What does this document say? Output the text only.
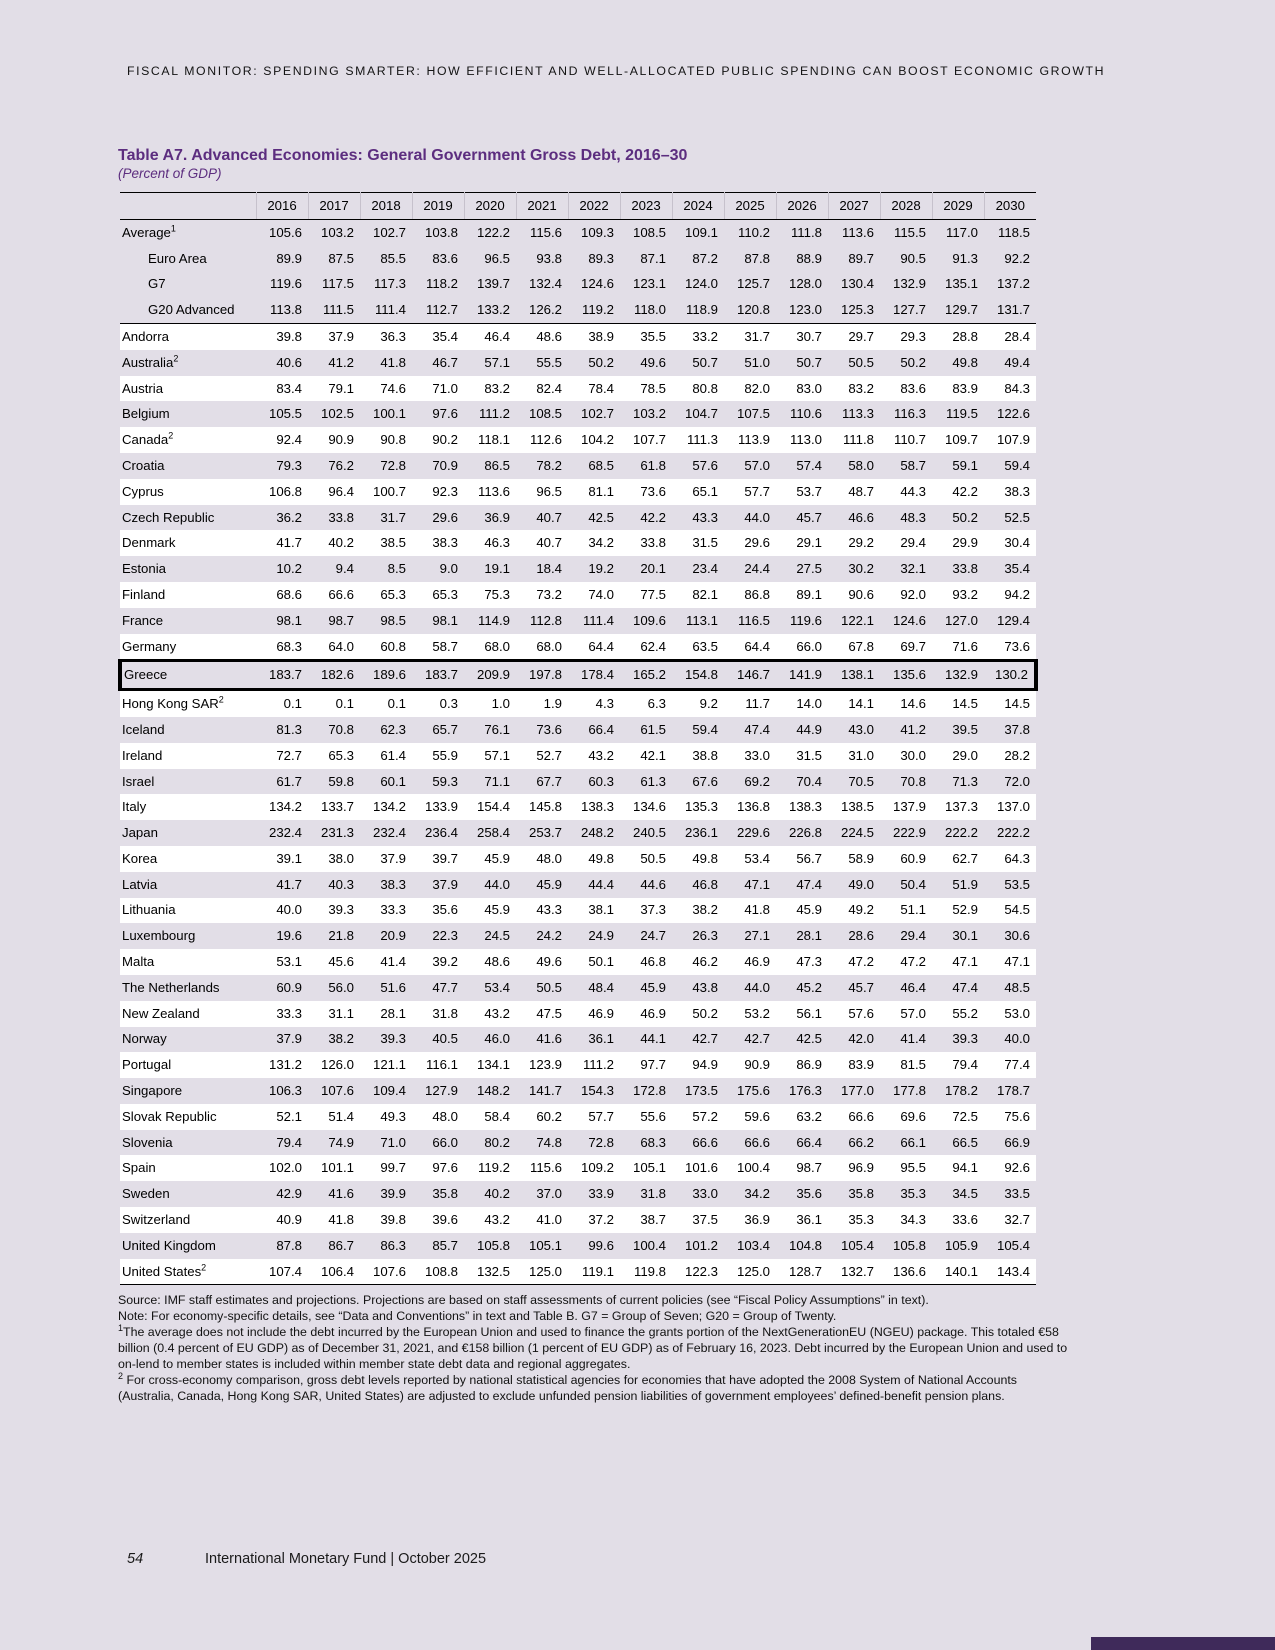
FISCAL MONITOR: SPENDING SMARTER: HOW EFFICIENT AND WELL-ALLOCATED PUBLIC SPENDING CAN BOOST ECONOMIC GROWTH
Table A7. Advanced Economies: General Government Gross Debt, 2016–30
(Percent of GDP)
	2016	2017	2018	2019	2020	2021	2022	2023	2024	2025	2026	2027	2028	2029	2030
Average$^1$	105.6	103.2	102.7	103.8	122.2	115.6	109.3	108.5	109.1	110.2	111.8	113.6	115.5	117.0	118.5
Euro Area	89.9	87.5	85.5	83.6	96.5	93.8	89.3	87.1	87.2	87.8	88.9	89.7	90.5	91.3	92.2
G7	119.6	117.5	117.3	118.2	139.7	132.4	124.6	123.1	124.0	125.7	128.0	130.4	132.9	135.1	137.2
G20 Advanced	113.8	111.5	111.4	112.7	133.2	126.2	119.2	118.0	118.9	120.8	123.0	125.3	127.7	129.7	131.7
Andorra	39.8	37.9	36.3	35.4	46.4	48.6	38.9	35.5	33.2	31.7	30.7	29.7	29.3	28.8	28.4
Australia$^2$	40.6	41.2	41.8	46.7	57.1	55.5	50.2	49.6	50.7	51.0	50.7	50.5	50.2	49.8	49.4
Austria	83.4	79.1	74.6	71.0	83.2	82.4	78.4	78.5	80.8	82.0	83.0	83.2	83.6	83.9	84.3
Belgium	105.5	102.5	100.1	97.6	111.2	108.5	102.7	103.2	104.7	107.5	110.6	113.3	116.3	119.5	122.6
Canada$^2$	92.4	90.9	90.8	90.2	118.1	112.6	104.2	107.7	111.3	113.9	113.0	111.8	110.7	109.7	107.9
Croatia	79.3	76.2	72.8	70.9	86.5	78.2	68.5	61.8	57.6	57.0	57.4	58.0	58.7	59.1	59.4
Cyprus	106.8	96.4	100.7	92.3	113.6	96.5	81.1	73.6	65.1	57.7	53.7	48.7	44.3	42.2	38.3
Czech Republic	36.2	33.8	31.7	29.6	36.9	40.7	42.5	42.2	43.3	44.0	45.7	46.6	48.3	50.2	52.5
Denmark	41.7	40.2	38.5	38.3	46.3	40.7	34.2	33.8	31.5	29.6	29.1	29.2	29.4	29.9	30.4
Estonia	10.2	9.4	8.5	9.0	19.1	18.4	19.2	20.1	23.4	24.4	27.5	30.2	32.1	33.8	35.4
Finland	68.6	66.6	65.3	65.3	75.3	73.2	74.0	77.5	82.1	86.8	89.1	90.6	92.0	93.2	94.2
France	98.1	98.7	98.5	98.1	114.9	112.8	111.4	109.6	113.1	116.5	119.6	122.1	124.6	127.0	129.4
Germany	68.3	64.0	60.8	58.7	68.0	68.0	64.4	62.4	63.5	64.4	66.0	67.8	69.7	71.6	73.6
Greece	183.7	182.6	189.6	183.7	209.9	197.8	178.4	165.2	154.8	146.7	141.9	138.1	135.6	132.9	130.2
Hong Kong SAR$^2$	0.1	0.1	0.1	0.3	1.0	1.9	4.3	6.3	9.2	11.7	14.0	14.1	14.6	14.5	14.5
Iceland	81.3	70.8	62.3	65.7	76.1	73.6	66.4	61.5	59.4	47.4	44.9	43.0	41.2	39.5	37.8
Ireland	72.7	65.3	61.4	55.9	57.1	52.7	43.2	42.1	38.8	33.0	31.5	31.0	30.0	29.0	28.2
Israel	61.7	59.8	60.1	59.3	71.1	67.7	60.3	61.3	67.6	69.2	70.4	70.5	70.8	71.3	72.0
Italy	134.2	133.7	134.2	133.9	154.4	145.8	138.3	134.6	135.3	136.8	138.3	138.5	137.9	137.3	137.0
Japan	232.4	231.3	232.4	236.4	258.4	253.7	248.2	240.5	236.1	229.6	226.8	224.5	222.9	222.2	222.2
Korea	39.1	38.0	37.9	39.7	45.9	48.0	49.8	50.5	49.8	53.4	56.7	58.9	60.9	62.7	64.3
Latvia	41.7	40.3	38.3	37.9	44.0	45.9	44.4	44.6	46.8	47.1	47.4	49.0	50.4	51.9	53.5
Lithuania	40.0	39.3	33.3	35.6	45.9	43.3	38.1	37.3	38.2	41.8	45.9	49.2	51.1	52.9	54.5
Luxembourg	19.6	21.8	20.9	22.3	24.5	24.2	24.9	24.7	26.3	27.1	28.1	28.6	29.4	30.1	30.6
Malta	53.1	45.6	41.4	39.2	48.6	49.6	50.1	46.8	46.2	46.9	47.3	47.2	47.2	47.1	47.1
The Netherlands	60.9	56.0	51.6	47.7	53.4	50.5	48.4	45.9	43.8	44.0	45.2	45.7	46.4	47.4	48.5
New Zealand	33.3	31.1	28.1	31.8	43.2	47.5	46.9	46.9	50.2	53.2	56.1	57.6	57.0	55.2	53.0
Norway	37.9	38.2	39.3	40.5	46.0	41.6	36.1	44.1	42.7	42.7	42.5	42.0	41.4	39.3	40.0
Portugal	131.2	126.0	121.1	116.1	134.1	123.9	111.2	97.7	94.9	90.9	86.9	83.9	81.5	79.4	77.4
Singapore	106.3	107.6	109.4	127.9	148.2	141.7	154.3	172.8	173.5	175.6	176.3	177.0	177.8	178.2	178.7
Slovak Republic	52.1	51.4	49.3	48.0	58.4	60.2	57.7	55.6	57.2	59.6	63.2	66.6	69.6	72.5	75.6
Slovenia	79.4	74.9	71.0	66.0	80.2	74.8	72.8	68.3	66.6	66.6	66.4	66.2	66.1	66.5	66.9
Spain	102.0	101.1	99.7	97.6	119.2	115.6	109.2	105.1	101.6	100.4	98.7	96.9	95.5	94.1	92.6
Sweden	42.9	41.6	39.9	35.8	40.2	37.0	33.9	31.8	33.0	34.2	35.6	35.8	35.3	34.5	33.5
Switzerland	40.9	41.8	39.8	39.6	43.2	41.0	37.2	38.7	37.5	36.9	36.1	35.3	34.3	33.6	32.7
United Kingdom	87.8	86.7	86.3	85.7	105.8	105.1	99.6	100.4	101.2	103.4	104.8	105.4	105.8	105.9	105.4
United States$^2$	107.4	106.4	107.6	108.8	132.5	125.0	119.1	119.8	122.3	125.0	128.7	132.7	136.6	140.1	143.4

Source: IMF staff estimates and projections. Projections are based on staff assessments of current policies (see “Fiscal Policy Assumptions” in text).

Note: For economy-specific details, see “Data and Conventions” in text and Table B. G7 = Group of Seven; G20 = Group of Twenty.

$^1$The average does not include the debt incurred by the European Union and used to finance the grants portion of the NextGenerationEU (NGEU) package. This totaled €58 billion (0.4 percent of EU GDP) as of December 31, 2021, and €158 billion (1 percent of EU GDP) as of February 16, 2023. Debt incurred by the European Union and used to on-lend to member states is included within member state debt data and regional aggregates.

$^2$ For cross-economy comparison, gross debt levels reported by national statistical agencies for economies that have adopted the 2008 System of National Accounts (Australia, Canada, Hong Kong SAR, United States) are adjusted to exclude unfunded pension liabilities of government employees’ defined-benefit pension plans.

54	International Monetary Fund | October 2025
